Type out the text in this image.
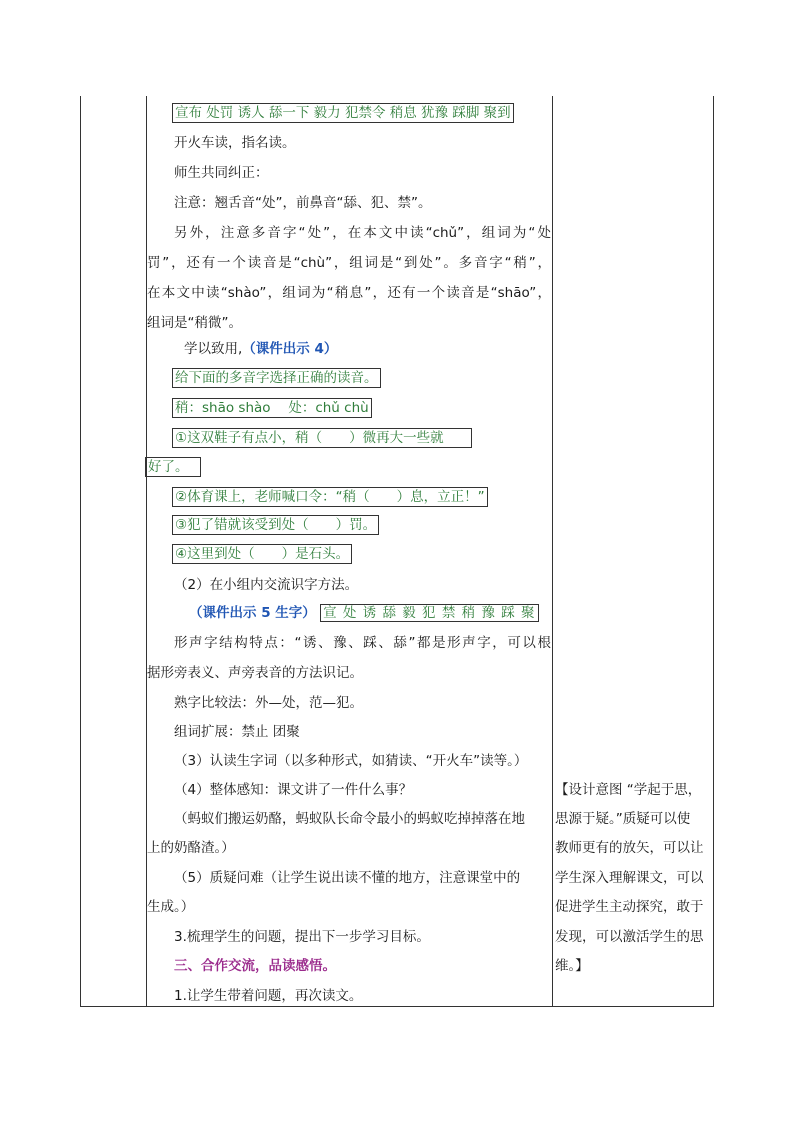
宣布 处罚 诱人 舔一下 毅力 犯禁令 稍息 犹豫 踩脚 聚到
开火车读，指名读。
师生共同纠正：
注意：翘舌音“处”，前鼻音“舔、犯、禁”。
另外，注意多音字“处”，在本文中读“chǔ”，组词为“处
罚”，还有一个读音是“chù”，组词是“到处”。多音字“稍”，
在本文中读“shào”，组词为“稍息”，还有一个读音是“shāo”，
组词是“稍微”。
学以致用,（课件出示 4）
给下面的多音字选择正确的读音。
稍：shāo shào　 处：chǔ chù
①这双鞋子有点小，稍（　　）微再大一些就
好了。
②体育课上，老师喊口令：“稍（　　）息，立正！”
③犯了错就该受到处（　　）罚。
④这里到处（　　）是石头。
（2）在小组内交流识字方法。
（课件出示 5 生字） 宣 处 诱 舔 毅 犯 禁 稍 豫 踩 聚
形声字结构特点：“诱、豫、踩、舔”都是形声字，可以根
据形旁表义、声旁表音的方法识记。
熟字比较法：外—处，范—犯。
组词扩展：禁止 团聚
（3）认读生字词（以多种形式，如猜读、“开火车”读等。）
（4）整体感知：课文讲了一件什么事？
（蚂蚁们搬运奶酪，蚂蚁队长命令最小的蚂蚁吃掉掉落在地
上的奶酪渣。）
（5）质疑问难（让学生说出读不懂的地方，注意课堂中的
生成。）
3.梳理学生的问题，提出下一步学习目标。
三、合作交流，品读感悟。
1.让学生带着问题，再次读文。
【设计意图 “学起于思，
思源于疑。”质疑可以使
教师更有的放矢，可以让
学生深入理解课文，可以
促进学生主动探究，敢于
发现，可以激活学生的思
维。】
